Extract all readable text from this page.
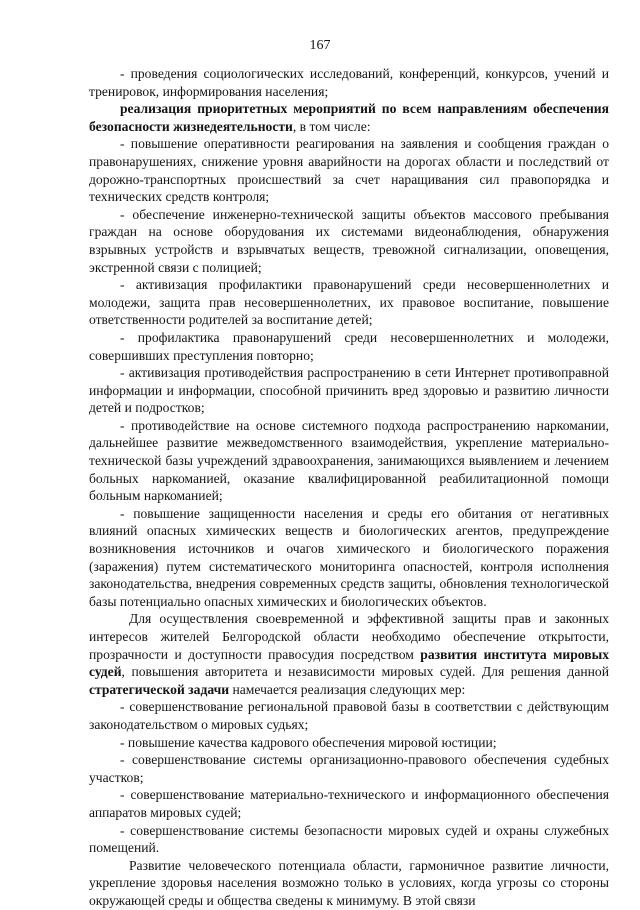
167

- проведения социологических исследований, конференций, конкурсов, учений и тренировок, информирования населения;

реализация приоритетных мероприятий по всем направлениям обеспечения безопасности жизнедеятельности, в том числе:

- повышение оперативности реагирования на заявления и сообщения граждан о правонарушениях, снижение уровня аварийности на дорогах области и последствий от дорожно-транспортных происшествий за счет наращивания сил правопорядка и технических средств контроля;

- обеспечение инженерно-технической защиты объектов массового пребывания граждан на основе оборудования их системами видеонаблюдения, обнаружения взрывных устройств и взрывчатых веществ, тревожной сигнализации, оповещения, экстренной связи с полицией;

- активизация профилактики правонарушений среди несовершеннолетних и молодежи, защита прав несовершеннолетних, их правовое воспитание, повышение ответственности родителей за воспитание детей;

- профилактика правонарушений среди несовершеннолетних и молодежи, совершивших преступления повторно;

- активизация противодействия распространению в сети Интернет противоправной информации и информации, способной причинить вред здоровью и развитию личности детей и подростков;

- противодействие на основе системного подхода распространению наркомании, дальнейшее развитие межведомственного взаимодействия, укрепление материально-технической базы учреждений здравоохранения, занимающихся выявлением и лечением больных наркоманией, оказание квалифицированной реабилитационной помощи больным наркоманией;

- повышение защищенности населения и среды его обитания от негативных влияний опасных химических веществ и биологических агентов, предупреждение возникновения источников и очагов химического и биологического поражения (заражения) путем систематического мониторинга опасностей, контроля исполнения законодательства, внедрения современных средств защиты, обновления технологической базы потенциально опасных химических и биологических объектов.

Для осуществления своевременной и эффективной защиты прав и законных интересов жителей Белгородской области необходимо обеспечение открытости, прозрачности и доступности правосудия посредством развития института мировых судей, повышения авторитета и независимости мировых судей. Для решения данной стратегической задачи намечается реализация следующих мер:

- совершенствование региональной правовой базы в соответствии с действующим законодательством о мировых судьях;

- повышение качества кадрового обеспечения мировой юстиции;

- совершенствование системы организационно-правового обеспечения судебных участков;

- совершенствование материально-технического и информационного обеспечения аппаратов мировых судей;

- совершенствование системы безопасности мировых судей и охраны служебных помещений.

Развитие человеческого потенциала области, гармоничное развитие личности, укрепление здоровья населения возможно только в условиях, когда угрозы со стороны окружающей среды и общества сведены к минимуму. В этой связи
